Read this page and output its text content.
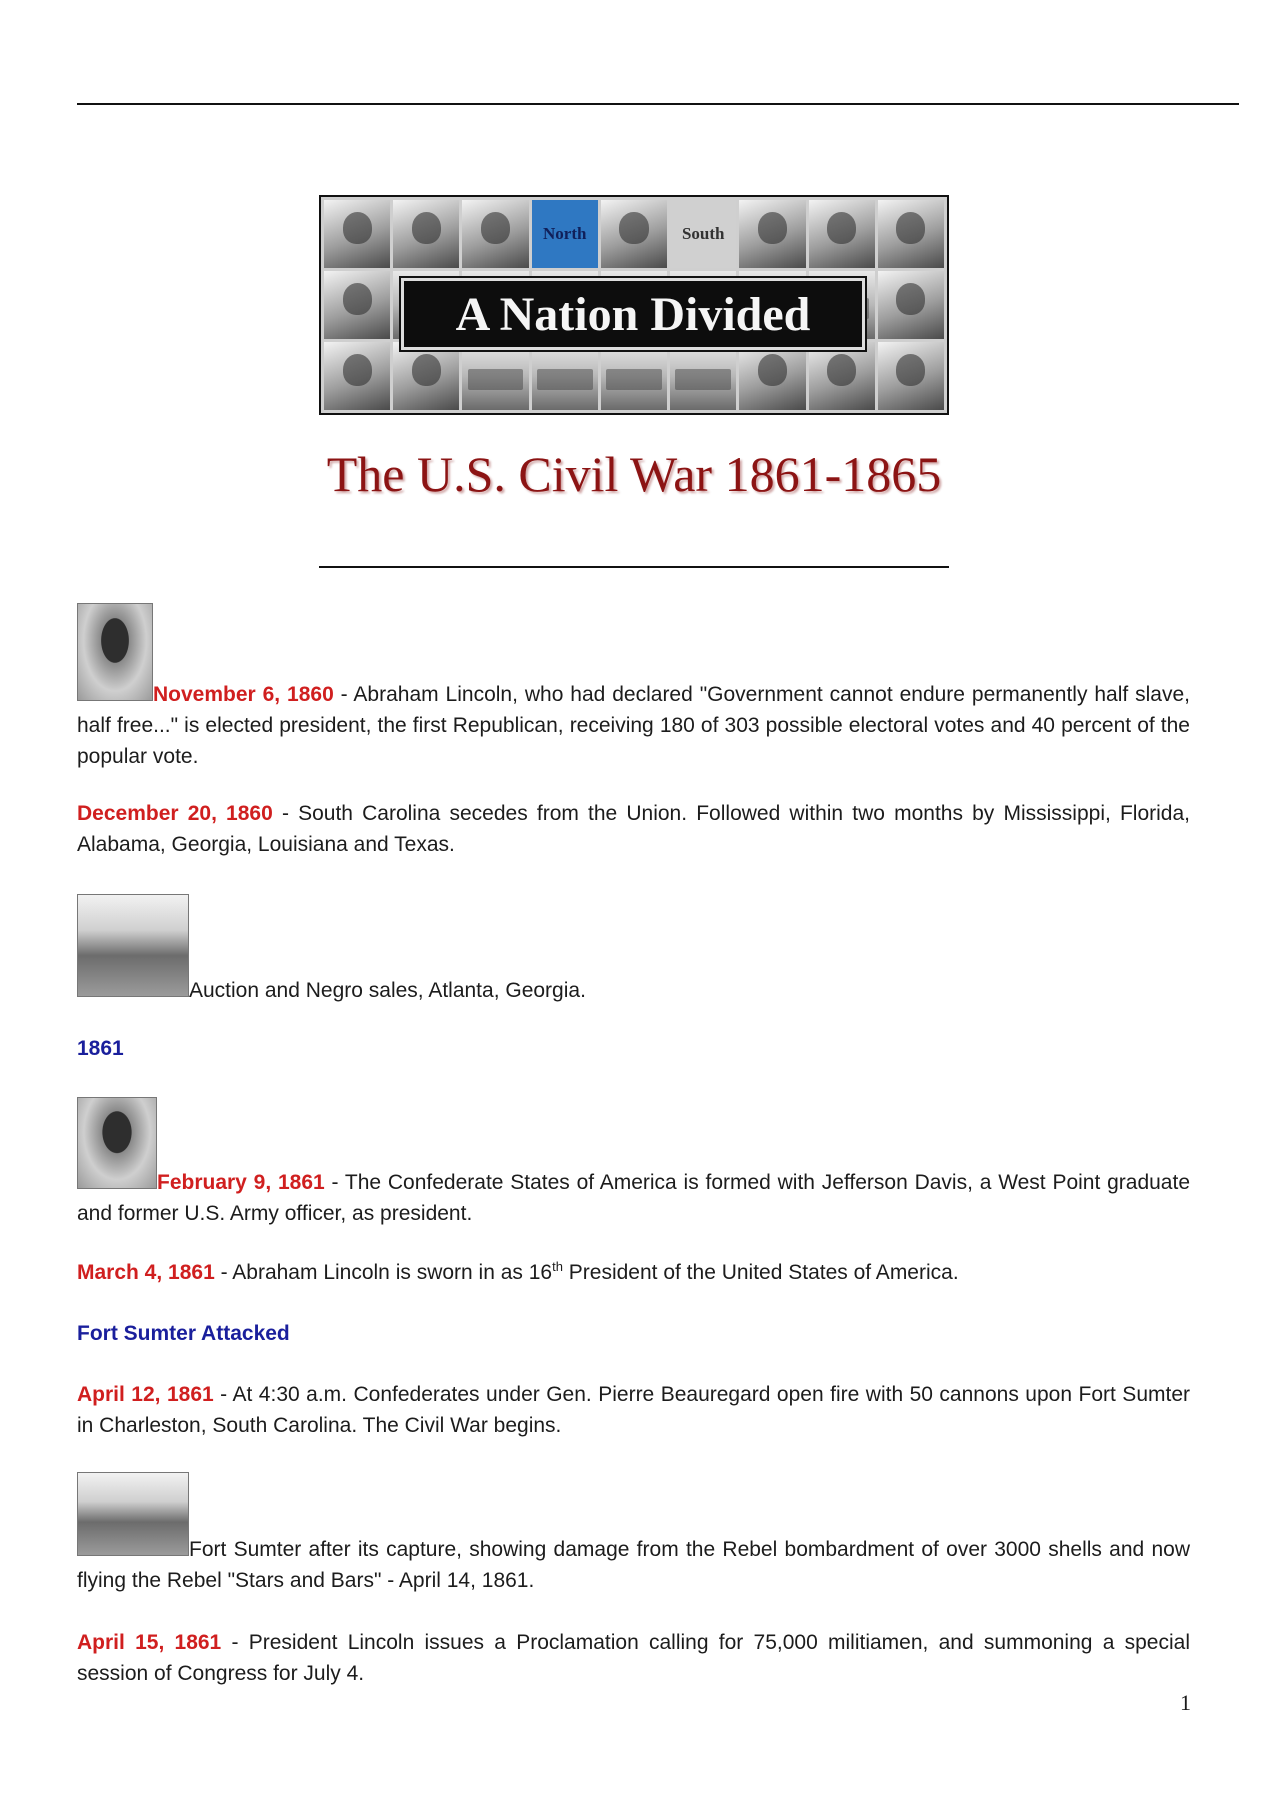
North	South
A Nation Divided
The U.S. Civil War 1861-1865
November 6, 1860 - Abraham Lincoln, who had declared "Government cannot endure permanently half slave, half free..." is elected president, the first Republican, receiving 180 of 303 possible electoral votes and 40 percent of the popular vote.
December 20, 1860 - South Carolina secedes from the Union. Followed within two months by Mississippi, Florida, Alabama, Georgia, Louisiana and Texas.
Auction and Negro sales, Atlanta, Georgia.
1861
February 9, 1861 - The Confederate States of America is formed with Jefferson Davis, a West Point graduate and former U.S. Army officer, as president.
March 4, 1861 - Abraham Lincoln is sworn in as 16th President of the United States of America.
Fort Sumter Attacked
April 12, 1861 - At 4:30 a.m. Confederates under Gen. Pierre Beauregard open fire with 50 cannons upon Fort Sumter in Charleston, South Carolina. The Civil War begins.
Fort Sumter after its capture, showing damage from the Rebel bombardment of over 3000 shells and now flying the Rebel "Stars and Bars" - April 14, 1861.
April 15, 1861 - President Lincoln issues a Proclamation calling for 75,000 militiamen, and summoning a special session of Congress for July 4.
1
